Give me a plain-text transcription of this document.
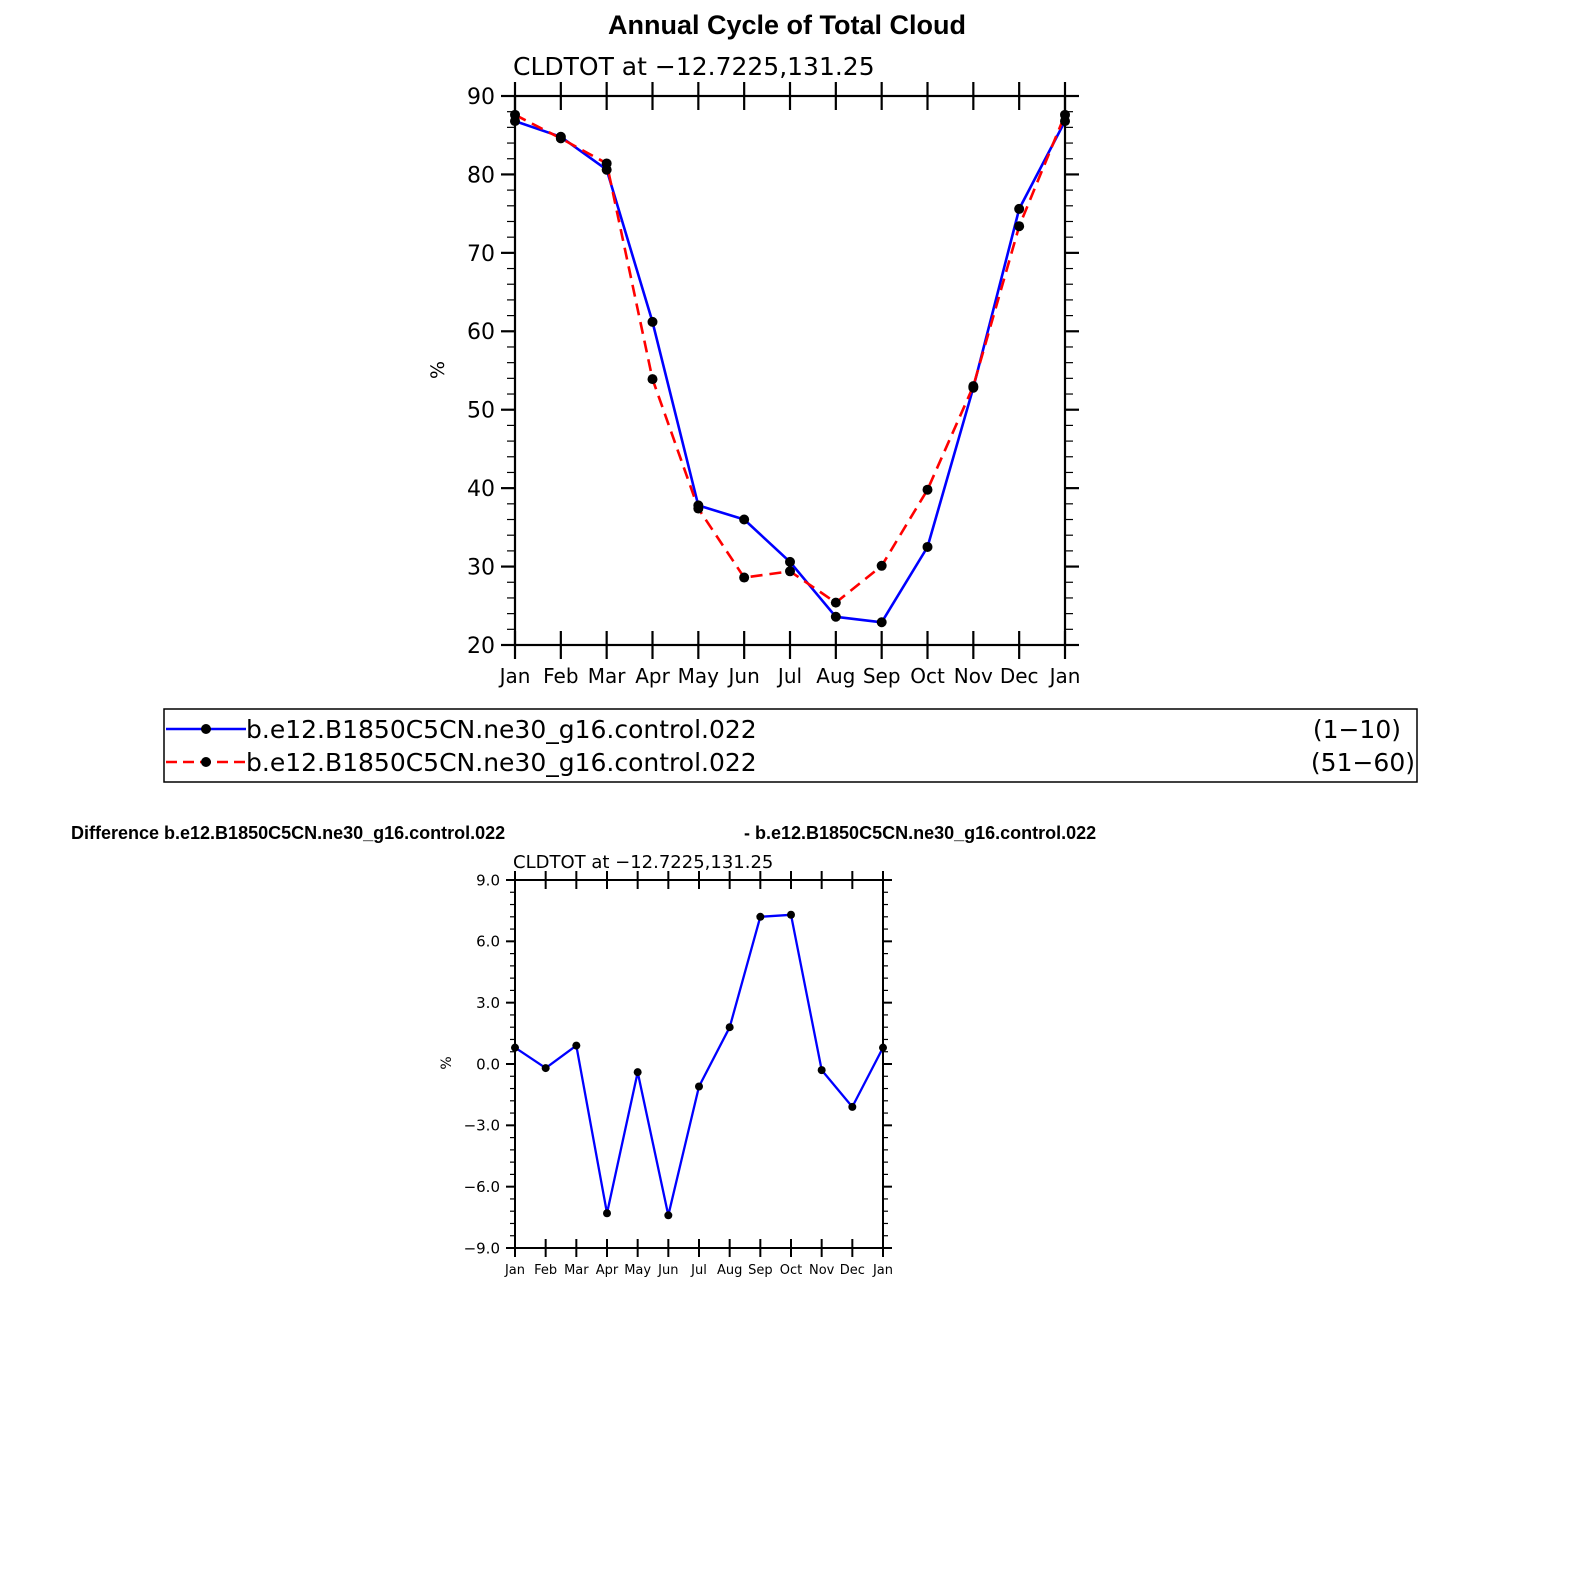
Annual Cycle of Total Cloud
CLDTOT at −12.7225,131.25
%
20
30
40
50
60
70
80
90
Jan Feb Mar Apr May Jun Jul Aug Sep Oct Nov Dec Jan
b.e12.B1850C5CN.ne30_g16.control.022	(1−10)
b.e12.B1850C5CN.ne30_g16.control.022	(51−60)
Difference b.e12.B1850C5CN.ne30_g16.control.022	- b.e12.B1850C5CN.ne30_g16.control.022
CLDTOT at −12.7225,131.25
%
−9.0
−6.0
−3.0
0.0
3.0
6.0
9.0
Jan Feb Mar Apr May Jun Jul Aug Sep Oct Nov Dec Jan
